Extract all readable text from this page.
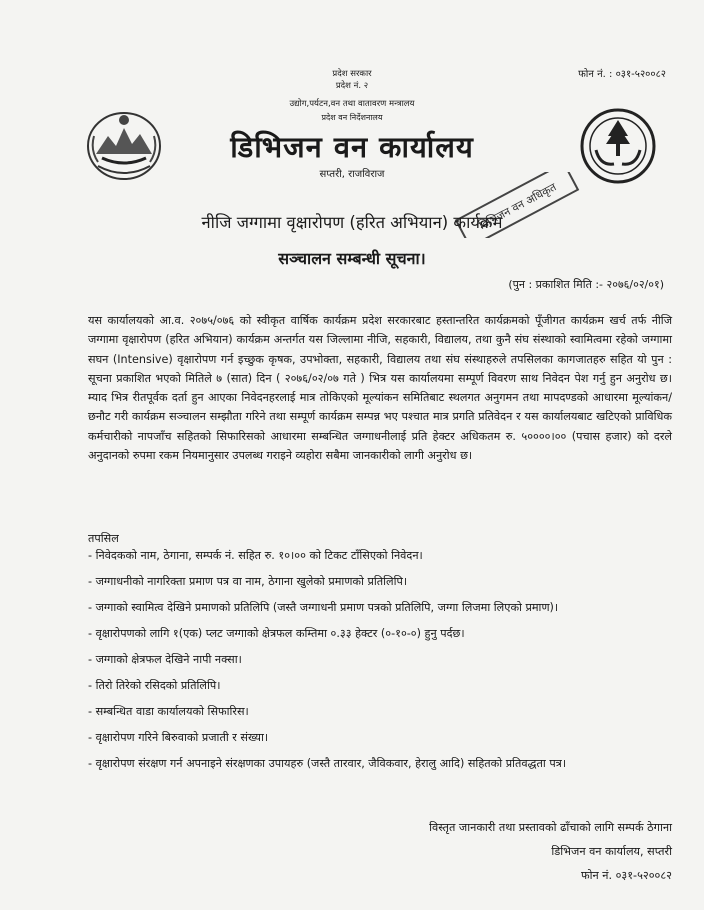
फोन नं. : ०३१-५२००८२
प्रदेश सरकार
प्रदेश नं. २
उद्योग,पर्यटन,वन तथा वातावरण मन्त्रालय
प्रदेश वन निर्देशनालय
डिभिजन वन कार्यालय
सप्तरी, राजविराज
डिभिजन वन अधिकृत
नीजि जग्गामा वृक्षारोपण (हरित अभियान) कार्यक्रम
सञ्चालन सम्बन्धी सूचना।
(पुन : प्रकाशित मिति :- २०७६/०२/०१)

यस कार्यालयको आ.व. २०७५/०७६ को स्वीकृत वार्षिक कार्यक्रम प्रदेश सरकारबाट हस्तान्तरित कार्यक्रमको पूँजीगत कार्यक्रम खर्च तर्फ नीजि जग्गामा वृक्षारोपण (हरित अभियान) कार्यक्रम अन्तर्गत यस जिल्लामा नीजि, सहकारी, विद्यालय, तथा कुनै संघ संस्थाको स्वामित्वमा रहेको जग्गामा सघन (Intensive) वृक्षारोपण गर्न इच्छुक कृषक, उपभोक्ता, सहकारी, विद्यालय तथा संघ संस्थाहरुले तपसिलका कागजातहरु सहित यो पुन : सूचना प्रकाशित भएको मितिले ७ (सात) दिन ( २०७६/०२/०७ गते ) भित्र यस कार्यालयमा सम्पूर्ण विवरण साथ निवेदन पेश गर्नु हुन अनुरोध छ। म्याद भित्र रीतपूर्वक दर्ता हुन आएका निवेदनहरलाई मात्र तोकिएको मूल्यांकन समितिबाट स्थलगत अनुगमन तथा मापदण्डको आधारमा मूल्यांकन/छनौट गरी कार्यक्रम सञ्चालन सम्झौता गरिने तथा सम्पूर्ण कार्यक्रम सम्पन्न भए पश्चात मात्र प्रगति प्रतिवेदन र यस कार्यालयबाट खटिएको प्राविधिक कर्मचारीको नापजाँच सहितको सिफारिसको आधारमा सम्बन्धित जग्गाधनीलाई प्रति हेक्टर अधिकतम रु. ५००००।०० (पचास हजार) को दरले अनुदानको रुपमा रकम नियमानुसार उपलब्ध गराइने व्यहोरा सबैमा जानकारीको लागी अनुरोध छ।

तपसिल
- निवेदकको नाम, ठेगाना, सम्पर्क नं. सहित रु. १०।०० को टिकट टाँसिएको निवेदन।
- जग्गाधनीको नागरिक्ता प्रमाण पत्र वा नाम, ठेगाना खुलेको प्रमाणको प्रतिलिपि।
- जग्गाको स्वामित्व देखिने प्रमाणको प्रतिलिपि (जस्तै जग्गाधनी प्रमाण पत्रको प्रतिलिपि, जग्गा लिजमा लिएको प्रमाण)।
- वृक्षारोपणको लागि १(एक) प्लट जग्गाको क्षेत्रफल कम्तिमा ०.३३ हेक्टर (०-१०-०) हुनु पर्दछ।
- जग्गाको क्षेत्रफल देखिने नापी नक्सा।
- तिरो तिरेको रसिदको प्रतिलिपि।
- सम्बन्धित वाडा कार्यालयको सिफारिस।
- वृक्षारोपण गरिने बिरुवाको प्रजाती र संख्या।
- वृक्षारोपण संरक्षण गर्न अपनाइने संरक्षणका उपायहरु (जस्तै तारवार, जैविकवार, हेरालु आदि) सहितको प्रतिवद्धता पत्र।
विस्तृत जानकारी तथा प्रस्तावको ढाँचाको लागि सम्पर्क ठेगाना
डिभिजन वन कार्यालय, सप्तरी
फोन नं. ०३१-५२००८२
